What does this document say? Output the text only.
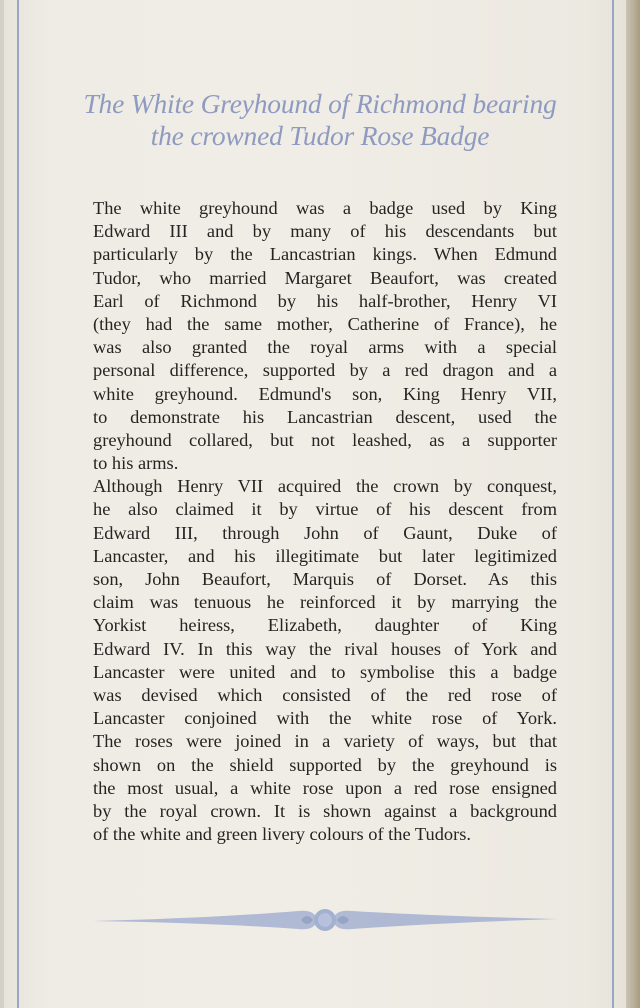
The White Greyhound of Richmond bearing
the crowned Tudor Rose Badge
The white greyhound was a badge used by King
Edward III and by many of his descendants but
particularly by the Lancastrian kings. When Edmund
Tudor, who married Margaret Beaufort, was created
Earl of Richmond by his half-brother, Henry VI
(they had the same mother, Catherine of France), he
was also granted the royal arms with a special
personal difference, supported by a red dragon and a
white greyhound. Edmund's son, King Henry VII,
to demonstrate his Lancastrian descent, used the
greyhound collared, but not leashed, as a supporter
to his arms.
Although Henry VII acquired the crown by conquest,
he also claimed it by virtue of his descent from
Edward III, through John of Gaunt, Duke of
Lancaster, and his illegitimate but later legitimized
son, John Beaufort, Marquis of Dorset. As this
claim was tenuous he reinforced it by marrying the
Yorkist heiress, Elizabeth, daughter of King
Edward IV. In this way the rival houses of York and
Lancaster were united and to symbolise this a badge
was devised which consisted of the red rose of
Lancaster conjoined with the white rose of York.
The roses were joined in a variety of ways, but that
shown on the shield supported by the greyhound is
the most usual, a white rose upon a red rose ensigned
by the royal crown. It is shown against a background
of the white and green livery colours of the Tudors.
